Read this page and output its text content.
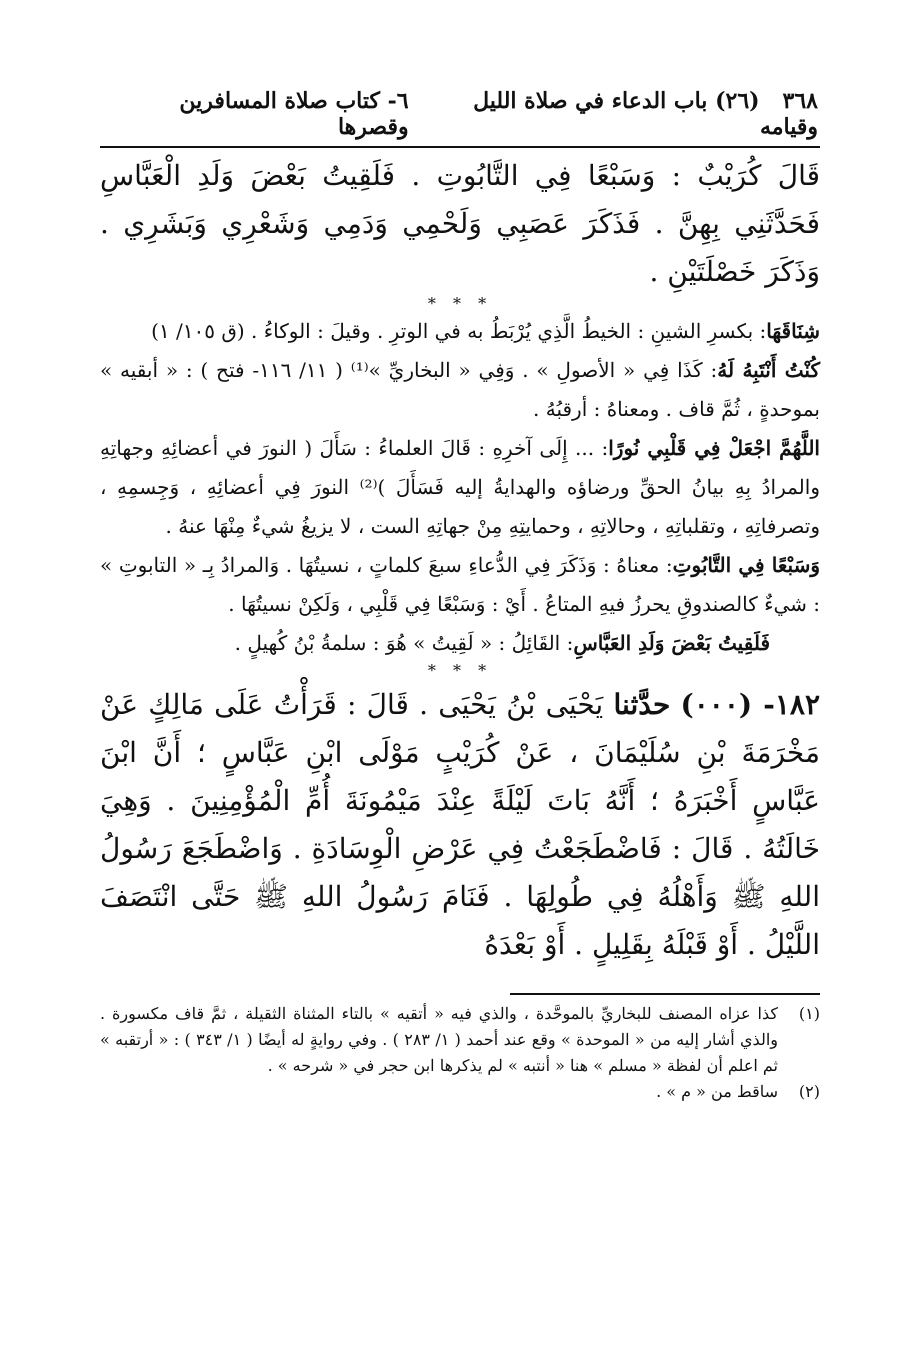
٣٦٨   (٢٦) باب الدعاء في صلاة الليل وقيامه
٦- كتاب صلاة المسافرين وقصرها

قَالَ كُرَيْبٌ : وَسَبْعًا فِي التَّابُوتِ . فَلَقِيتُ بَعْضَ وَلَدِ الْعَبَّاسِ فَحَدَّثَنِي بِهِنَّ . فَذَكَرَ عَصَبِي وَلَحْمِي وَدَمِي وَشَعْرِي وَبَشَرِي . وَذَكَرَ خَصْلَتَيْنِ .

* * *

شِنَاقَهَا: بكسرِ الشينِ : الخيطُ الَّذِي يُرْبَطُ به في الوترِ . وقيلَ : الوكاءُ . (ق ١٠٥/ ١)

كُنْتُ أَنْتَبِهُ لَهُ: كَذَا فِي « الأصولِ » . وَفِي « البخاريِّ »⁽¹⁾ ( ١١/ ١١٦- فتح ) : « أبقيه » بموحدةٍ ، ثُمَّ قاف . ومعناهُ : أرقبُهُ .

اللَّهُمَّ اجْعَلْ فِي قَلْبِي نُورًا: ... إِلَى آخرِهِ : قَالَ العلماءُ : سَأَلَ ( النورَ في أعضائِهِ وجهاتِهِ والمرادُ بِهِ بيانُ الحقِّ ورضاؤه والهدايةُ إليه فَسَأَلَ )⁽²⁾ النورَ فِي أعضائِهِ ، وَجِسمِهِ ، وتصرفاتِهِ ، وتقلباتِهِ ، وحالاتِهِ ، وحمايتِهِ مِنْ جهاتِهِ الست ، لا يزيغُ شيءٌ مِنْهَا عنهُ .

وَسَبْعًا فِي التَّابُوتِ: معناهُ : وَذَكَرَ فِي الدُّعاءِ سبعَ كلماتٍ ، نسيتُهَا . وَالمرادُ بِـ « التابوتِ » : شيءٌ كالصندوقِ يحرزُ فيهِ المتاعُ . أَيْ : وَسَبْعًا فِي قَلْبِي ، وَلَكِنْ نسيتُهَا .

فَلَقِيتُ بَعْضَ وَلَدِ العَبَّاسِ: القَائِلُ : « لَقِيتُ » هُوَ : سلمةُ بْنُ كُهيلٍ .

* * *

١٨٢- (٠٠٠) حدَّثنا يَحْيَى بْنُ يَحْيَى . قَالَ : قَرَأْتُ عَلَى مَالِكٍ عَنْ مَخْرَمَةَ بْنِ سُلَيْمَانَ ، عَنْ كُرَيْبٍ مَوْلَى ابْنِ عَبَّاسٍ ؛ أَنَّ ابْنَ عَبَّاسٍ أَخْبَرَهُ ؛ أَنَّهُ بَاتَ لَيْلَةً عِنْدَ مَيْمُونَةَ أُمِّ الْمُؤْمِنِينَ . وَهِيَ خَالَتُهُ . قَالَ : فَاضْطَجَعْتُ فِي عَرْضِ الْوِسَادَةِ . وَاضْطَجَعَ رَسُولُ اللهِ ﷺ وَأَهْلُهُ فِي طُولِهَا . فَنَامَ رَسُولُ اللهِ ﷺ حَتَّى انْتَصَفَ اللَّيْلُ . أَوْ قَبْلَهُ بِقَلِيلٍ . أَوْ بَعْدَهُ

(١)
كذا عزاه المصنف للبخاريِّ بالموحَّدة ، والذي فيه « أتقيه » بالتاء المثناة الثقيلة ، ثمَّ قاف مكسورة . والذي أشار إليه من « الموحدة » وقع عند أحمد ( ١/ ٢٨٣ ) . وفي روايةٍ له أيضًا ( ١/ ٣٤٣ ) : « أرتقبه » ثم اعلم أن لفظة « مسلم » هنا « أنتبه » لم يذكرها ابن حجر في « شرحه » .
(٢)
ساقط من « م » .
